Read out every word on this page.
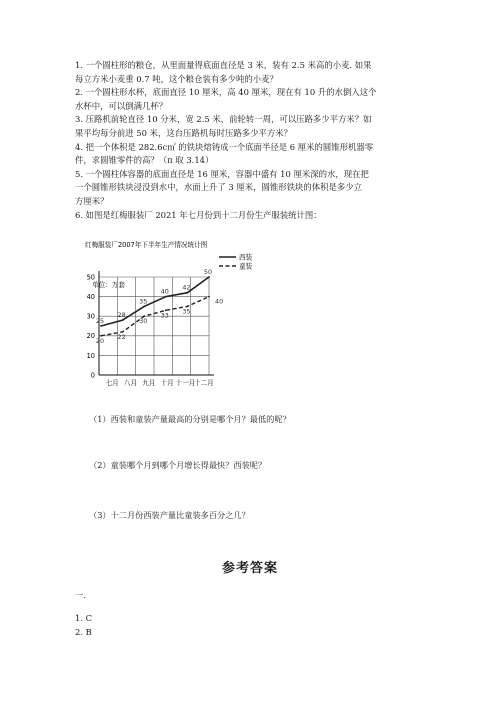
1. 一个圆柱形的粮仓，从里面量得底面直径是 3 米，装有 2.5 米高的小麦. 如果

每立方米小麦重 0.7 吨，这个粮仓装有多少吨的小麦？

2. 一个圆柱形水杯，底面直径 10 厘米，高 40 厘米，现在有 10 升的水倒入这个

水杯中，可以倒满几杯？

3. 压路机前轮直径 10 分米，宽 2.5 米，前轮转一周，可以压路多少平方米？如

果平均每分前进 50 米，这台压路机每时压路多少平方米？

4. 把一个体积是 282.6c㎡ 的铁块熔铸成一个底面半径是 6 厘米的圆锥形机器零

件，求圆锥零件的高？（π 取 3.14）

5. 一个圆柱体容器的底面直径是 16 厘米，容器中盛有 10 厘米深的水，现在把

一个圆锥形铁块浸没到水中，水面上升了 3 厘米，圆锥形铁块的体积是多少立

方厘米？

6. 如图是红梅服装厂 2021 年七月份到十二月份生产服装统计图：

红梅服装厂2007年下半年生产情况统计图
单位：万套
0
10
20
30
40
50
七月 八月 九月 十月 十一月
十二月
25
28
35
40 42
50
20 22
30
33 35
40
西装
童装
（1）西装和童装产量最高的分别是哪个月？最低的呢？
（2）童装哪个月到哪个月增长得最快？西装呢？
（3）十二月份西装产量比童装多百分之几？
参考答案
一.
1. C
2. B
